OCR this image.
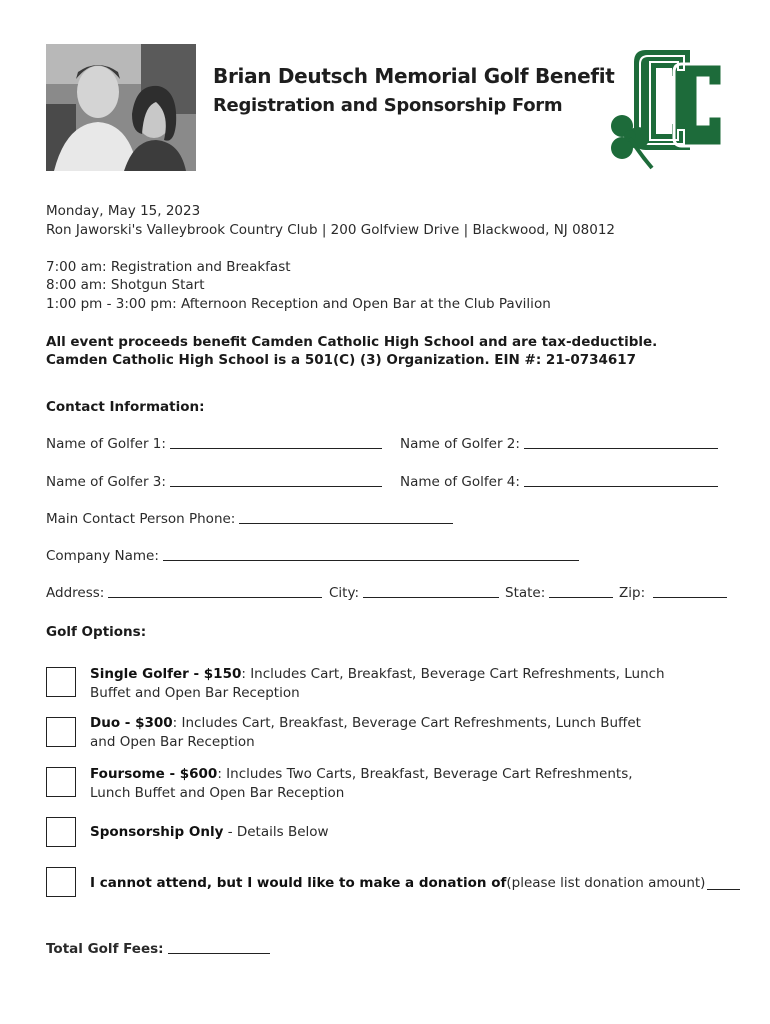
Brian Deutsch Memorial Golf Benefit
Registration and Sponsorship Form
Monday, May 15, 2023
Ron Jaworski's Valleybrook Country Club | 200 Golfview Drive | Blackwood, NJ 08012
7:00 am: Registration and Breakfast
8:00 am: Shotgun Start
1:00 pm - 3:00 pm: Afternoon Reception and Open Bar at the Club Pavilion
All event proceeds benefit Camden Catholic High School and are tax-deductible.
Camden Catholic High School is a 501(C) (3) Organization. EIN #: 21-0734617
Contact Information:
Name of Golfer 1:	Name of Golfer 2:
Name of Golfer 3:	Name of Golfer 4:
Main Contact Person Phone:
Company Name:
Address:	City:	State:	Zip:
Golf Options:
Single Golfer - $150: Includes Cart, Breakfast, Beverage Cart Refreshments, Lunch
Buffet and Open Bar Reception
Duo - $300: Includes Cart, Breakfast, Beverage Cart Refreshments, Lunch Buffet
and Open Bar Reception
Foursome - $600: Includes Two Carts, Breakfast, Beverage Cart Refreshments,
Lunch Buffet and Open Bar Reception
Sponsorship Only - Details Below
I cannot attend, but I would like to make a donation of (please list donation amount)
Total Golf Fees:
